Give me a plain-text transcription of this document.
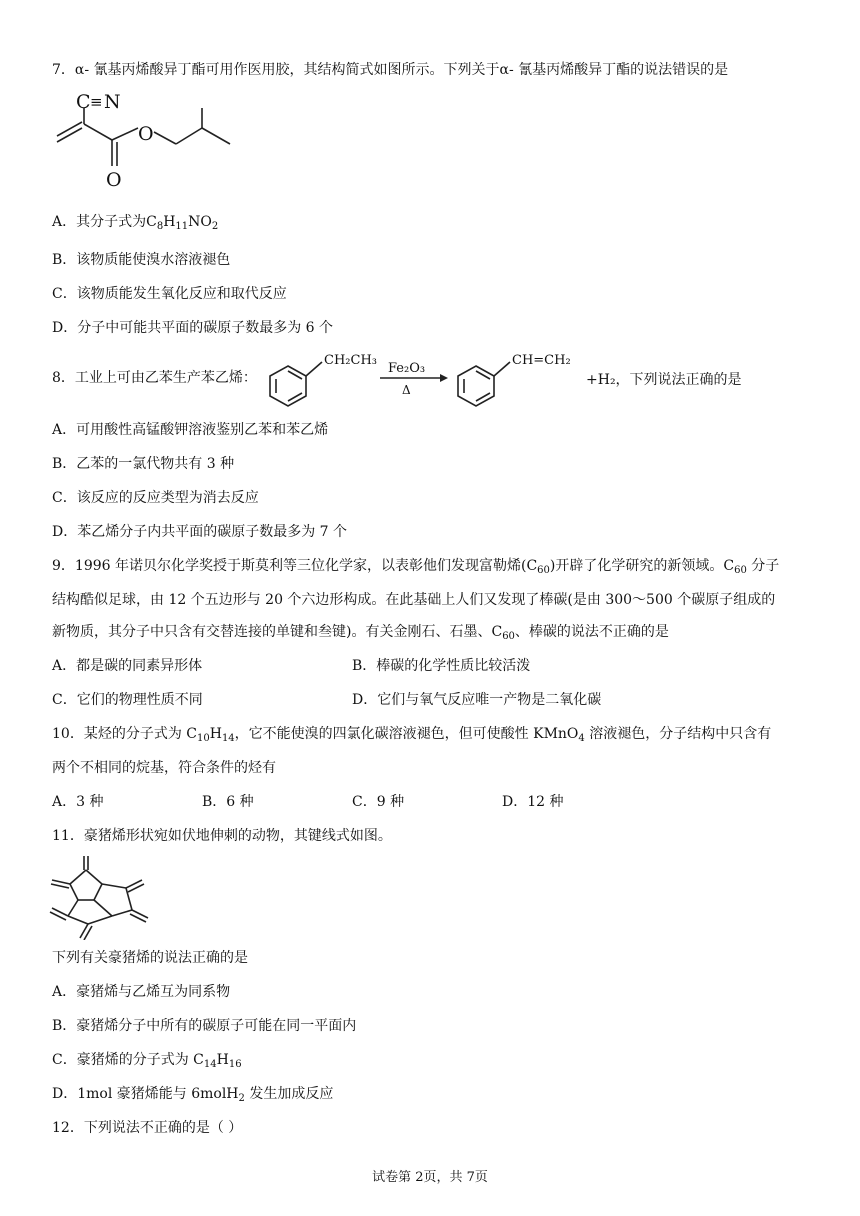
7．α- 氰基丙烯酸异丁酯可用作医用胶，其结构简式如图所示。下列关于α- 氰基丙烯酸异丁酯的说法错误的是
C ≡ N
O
O
A．其分子式为$C_8H_{11}NO_2$
B．该物质能使溴水溶液褪色
C．该物质能发生氧化反应和取代反应
D．分子中可能共平面的碳原子数最多为 6 个
8．工业上可由乙苯生产苯乙烯：
CH₂CH₃
Fe₂O₃
Δ
CH=CH₂
+H₂，下列说法正确的是
A．可用酸性高锰酸钾溶液鉴别乙苯和苯乙烯
B．乙苯的一氯代物共有 3 种
C．该反应的反应类型为消去反应
D．苯乙烯分子内共平面的碳原子数最多为 7 个
9．1996 年诺贝尔化学奖授于斯莫利等三位化学家，以表彰他们发现富勒烯$(C_{60})$开辟了化学研究的新领域。$C_{60}$ 分子
结构酷似足球，由 12 个五边形与 20 个六边形构成。在此基础上人们又发现了棒碳(是由 300～500 个碳原子组成的
新物质，其分子中只含有交替连接的单键和叁键)。有关金刚石、石墨、$C_{60}$、棒碳的说法不正确的是
A．都是碳的同素异形体	B．棒碳的化学性质比较活泼
C．它们的物理性质不同	D．它们与氧气反应唯一产物是二氧化碳
10．某烃的分子式为 $C_{10}H_{14}$，它不能使溴的四氯化碳溶液褪色，但可使酸性 KMnO$_4$ 溶液褪色，分子结构中只含有
两个不相同的烷基，符合条件的烃有
A．3 种	B．6 种	C．9 种	D．12 种
11．豪猪烯形状宛如伏地伸刺的动物，其键线式如图。
下列有关豪猪烯的说法正确的是
A．豪猪烯与乙烯互为同系物
B．豪猪烯分子中所有的碳原子可能在同一平面内
C．豪猪烯的分子式为 $C_{14}H_{16}$
D．1mol 豪猪烯能与 6molH$_2$ 发生加成反应
12．下列说法不正确的是（ ）
试卷第 2页，共 7页
